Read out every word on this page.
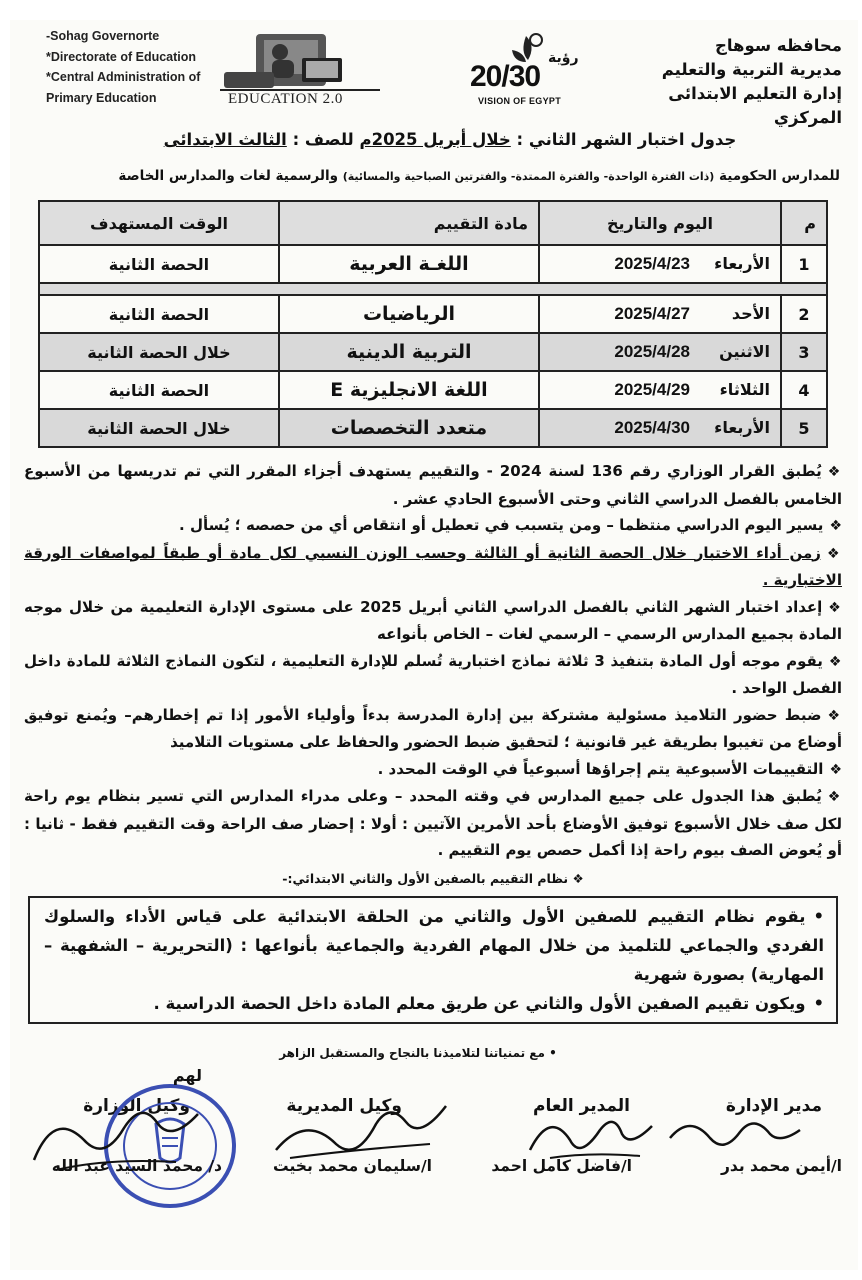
-Sohag Governorte
*Directorate of Education
*Central Administration of
Primary Education	EDUCATION 2.0
20/30
رؤية
VISION OF EGYPT
محافظه سوهاج
مديرية التربية والتعليم
إدارة التعليم الابتدائى المركزي
جدول اختبار الشهر الثاني : خلال أبريل 2025م للصف : الثالث الابتدائى
للمدارس الحكومية (ذات الفترة الواحدة- والفترة الممتدة- والفترتين الصباحية والمسائية) والرسمية لغات والمدارس الخاصة
م	اليوم والتاريخ	مادة التقييم	الوقت المستهدف
1	الأربعاء2025/4/23	اللغـة العربية	الحصة الثانية

2	الأحد2025/4/27	الرياضيات	الحصة الثانية
3	الاثنين2025/4/28	التربية الدينية	خلال الحصة الثانية
4	الثلاثاء2025/4/29	اللغة الانجليزية E	الحصة الثانية
5	الأربعاء2025/4/30	متعدد التخصصات	خلال الحصة الثانية

❖يُطبق القرار الوزاري رقم 136 لسنة 2024 - والتقييم يستهدف أجزاء المقرر التي تم تدريسها من الأسبوع الخامس بالفصل الدراسي الثاني وحتى الأسبوع الحادي عشر .

❖يسير اليوم الدراسي منتظما – ومن يتسبب في تعطيل أو انتقاص أي من حصصه ؛ يُسأل .

❖زمن أداء الاختبار خلال الحصة الثانية أو الثالثة وحسب الوزن النسبي لكل مادة أو طبقاً لمواصفات الورقة الاختبارية .

❖إعداد اختبار الشهر الثاني بالفصل الدراسي الثاني أبريل 2025 على مستوى الإدارة التعليمية من خلال موجه المادة بجميع المدارس الرسمي – الرسمي لغات – الخاص بأنواعه

❖يقوم موجه أول المادة بتنفيذ 3 ثلاثة نماذج اختبارية تُسلم للإدارة التعليمية ، لتكون النماذج الثلاثة للمادة داخل الفصل الواحد .

❖ضبط حضور التلاميذ مسئولية مشتركة بين إدارة المدرسة بدءاً وأولياء الأمور إذا تم إخطارهم– ويُمنع توفيق أوضاع من تغيبوا بطريقة غير قانونية ؛ لتحقيق ضبط الحضور والحفاظ على مستويات التلاميذ

❖التقييمات الأسبوعية يتم إجراؤها أسبوعياً في الوقت المحدد .

❖يُطبق هذا الجدول على جميع المدارس في وقته المحدد – وعلى مدراء المدارس التي تسير بنظام يوم راحة لكل صف خلال الأسبوع توفيق الأوضاع بأحد الأمرين الآتيين : أولا : إحضار صف الراحة وقت التقييم فقط - ثانيا : أو يُعوض الصف بيوم راحة إذا أكمل حصص يوم التقييم .

❖ نظام التقييم بالصفين الأول والثاني الابتدائي:-
•يقوم نظام التقييم للصفين الأول والثاني من الحلقة الابتدائية على قياس الأداء والسلوك الفردي والجماعي للتلميذ من خلال المهام الفردية والجماعية بأنواعها : (التحريرية – الشفهية – المهارية) بصورة شهرية
•ويكون تقييم الصفين الأول والثاني عن طريق معلم المادة داخل الحصة الدراسية .
• مع تمنياتنا لتلاميذنا بالنجاح والمستقبل الزاهر
مدير الإدارة
المدير العام
وكيل المديرية
وكيل الوزارة
لهم
ا/أيمن محمد بدر
ا/فاضل كامل احمد
ا/سليمان محمد بخيت
د/ محمد السيد عبد الله
